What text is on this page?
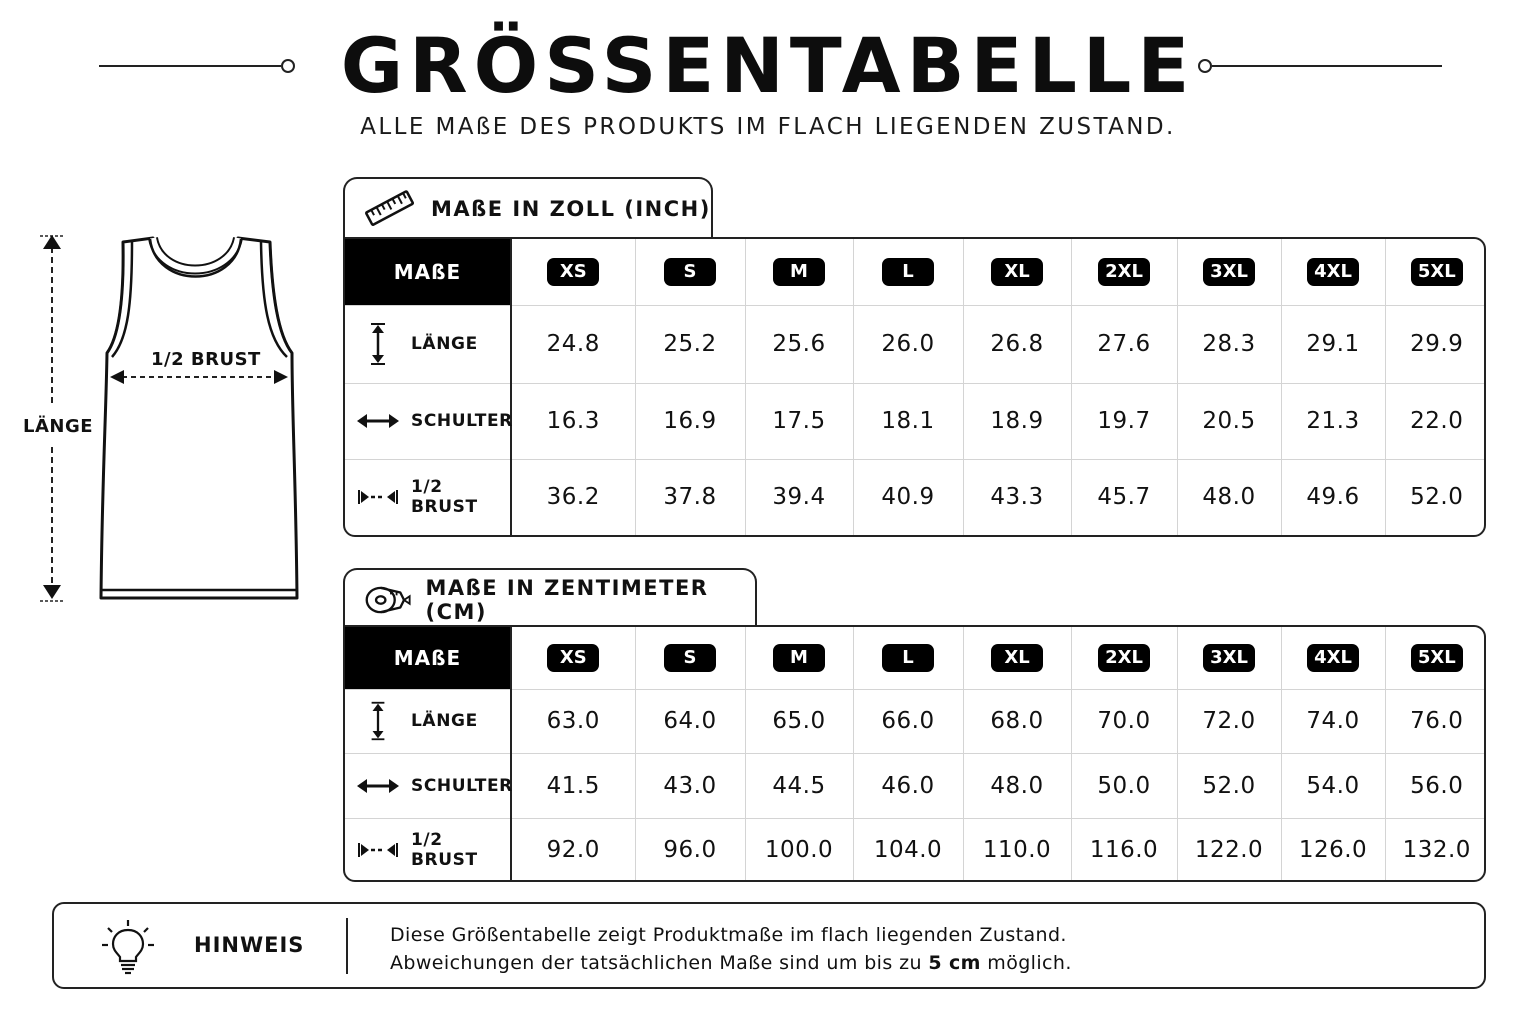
GRÖSSENTABELLE
ALLE MAßE DES PRODUKTS IM FLACH LIEGENDEN ZUSTAND.
1/2 BRUST
LÄNGE
MAßE IN ZOLL (INCH)
MAßE	XS	S	M	L	XL	2XL	3XL	4XL	5XL

LÄNGE	24.8	25.2	25.6	26.0	26.8	27.6	28.3	29.1	29.9

SCHULTER	16.3	16.9	17.5	18.1	18.9	19.7	20.5	21.3	22.0

1/2 BRUST	36.2	37.8	39.4	40.9	43.3	45.7	48.0	49.6	52.0
MAßE IN ZENTIMETER (CM)
MAßE	XS	S	M	L	XL	2XL	3XL	4XL	5XL

LÄNGE	63.0	64.0	65.0	66.0	68.0	70.0	72.0	74.0	76.0

SCHULTER	41.5	43.0	44.5	46.0	48.0	50.0	52.0	54.0	56.0

1/2 BRUST	92.0	96.0	100.0	104.0	110.0	116.0	122.0	126.0	132.0
HINWEIS	Diese Größentabelle zeigt Produktmaße im flach liegenden Zustand.
Abweichungen der tatsächlichen Maße sind um bis zu 5 cm möglich.
